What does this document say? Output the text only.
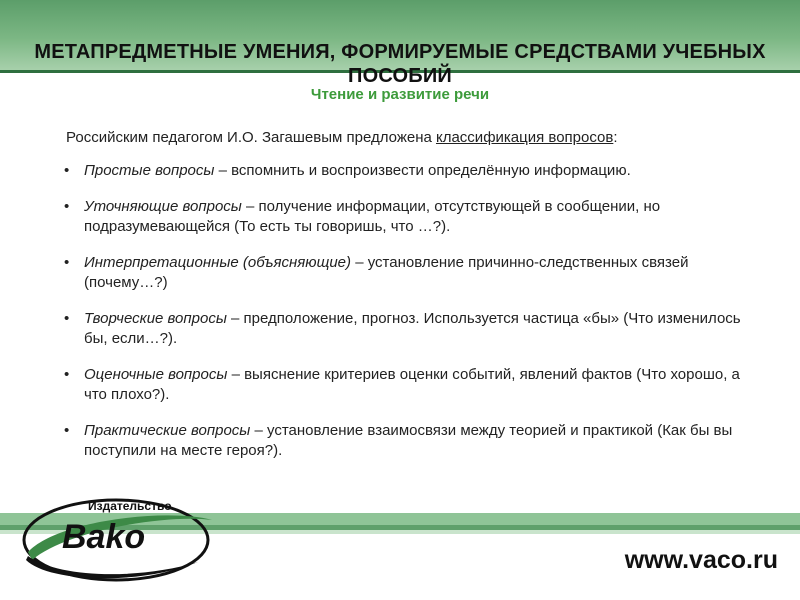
МЕТАПРЕДМЕТНЫЕ УМЕНИЯ, ФОРМИРУЕМЫЕ СРЕДСТВАМИ УЧЕБНЫХ ПОСОБИЙ
Чтение и развитие речи

Российским педагогом И.О. Загашевым предложена классификация вопросов:

• Простые вопросы – вспомнить и воспроизвести определённую информацию.
• Уточняющие вопросы – получение информации, отсутствующей в сообщении, но подразумевающейся (То есть ты говоришь, что …?).
• Интерпретационные (объясняющие) – установление причинно-следственных связей (почему…?)
• Творческие вопросы – предположение, прогноз. Используется частица «бы» (Что изменилось бы, если…?).
• Оценочные вопросы – выяснение критериев оценки событий, явлений фактов (Что хорошо, а что плохо?).
• Практические вопросы – установление взаимосвязи между теорией и практикой (Как бы вы поступили на месте героя?).
Издательство
Bako
www.vaco.ru
